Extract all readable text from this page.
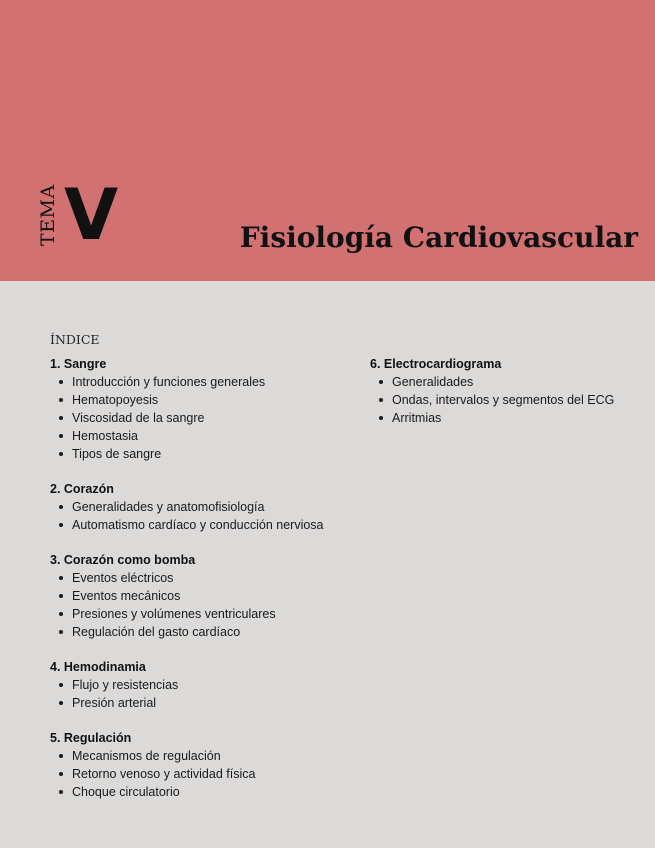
TEMA V	Fisiología Cardiovascular
ÍNDICE
1. Sangre
Introducción y funciones generales
Hematopoyesis
Viscosidad de la sangre
Hemostasia
Tipos de sangre
2. Corazón
Generalidades y anatomofisiología
Automatismo cardíaco y conducción nerviosa
3. Corazón como bomba
Eventos eléctricos
Eventos mecánicos
Presiones y volúmenes ventriculares
Regulación del gasto cardíaco
4. Hemodinamia
Flujo y resistencias
Presión arterial
5. Regulación
Mecanismos de regulación
Retorno venoso y actividad física
Choque circulatorio
6. Electrocardiograma
Generalidades
Ondas, intervalos y segmentos del ECG
Arritmias
